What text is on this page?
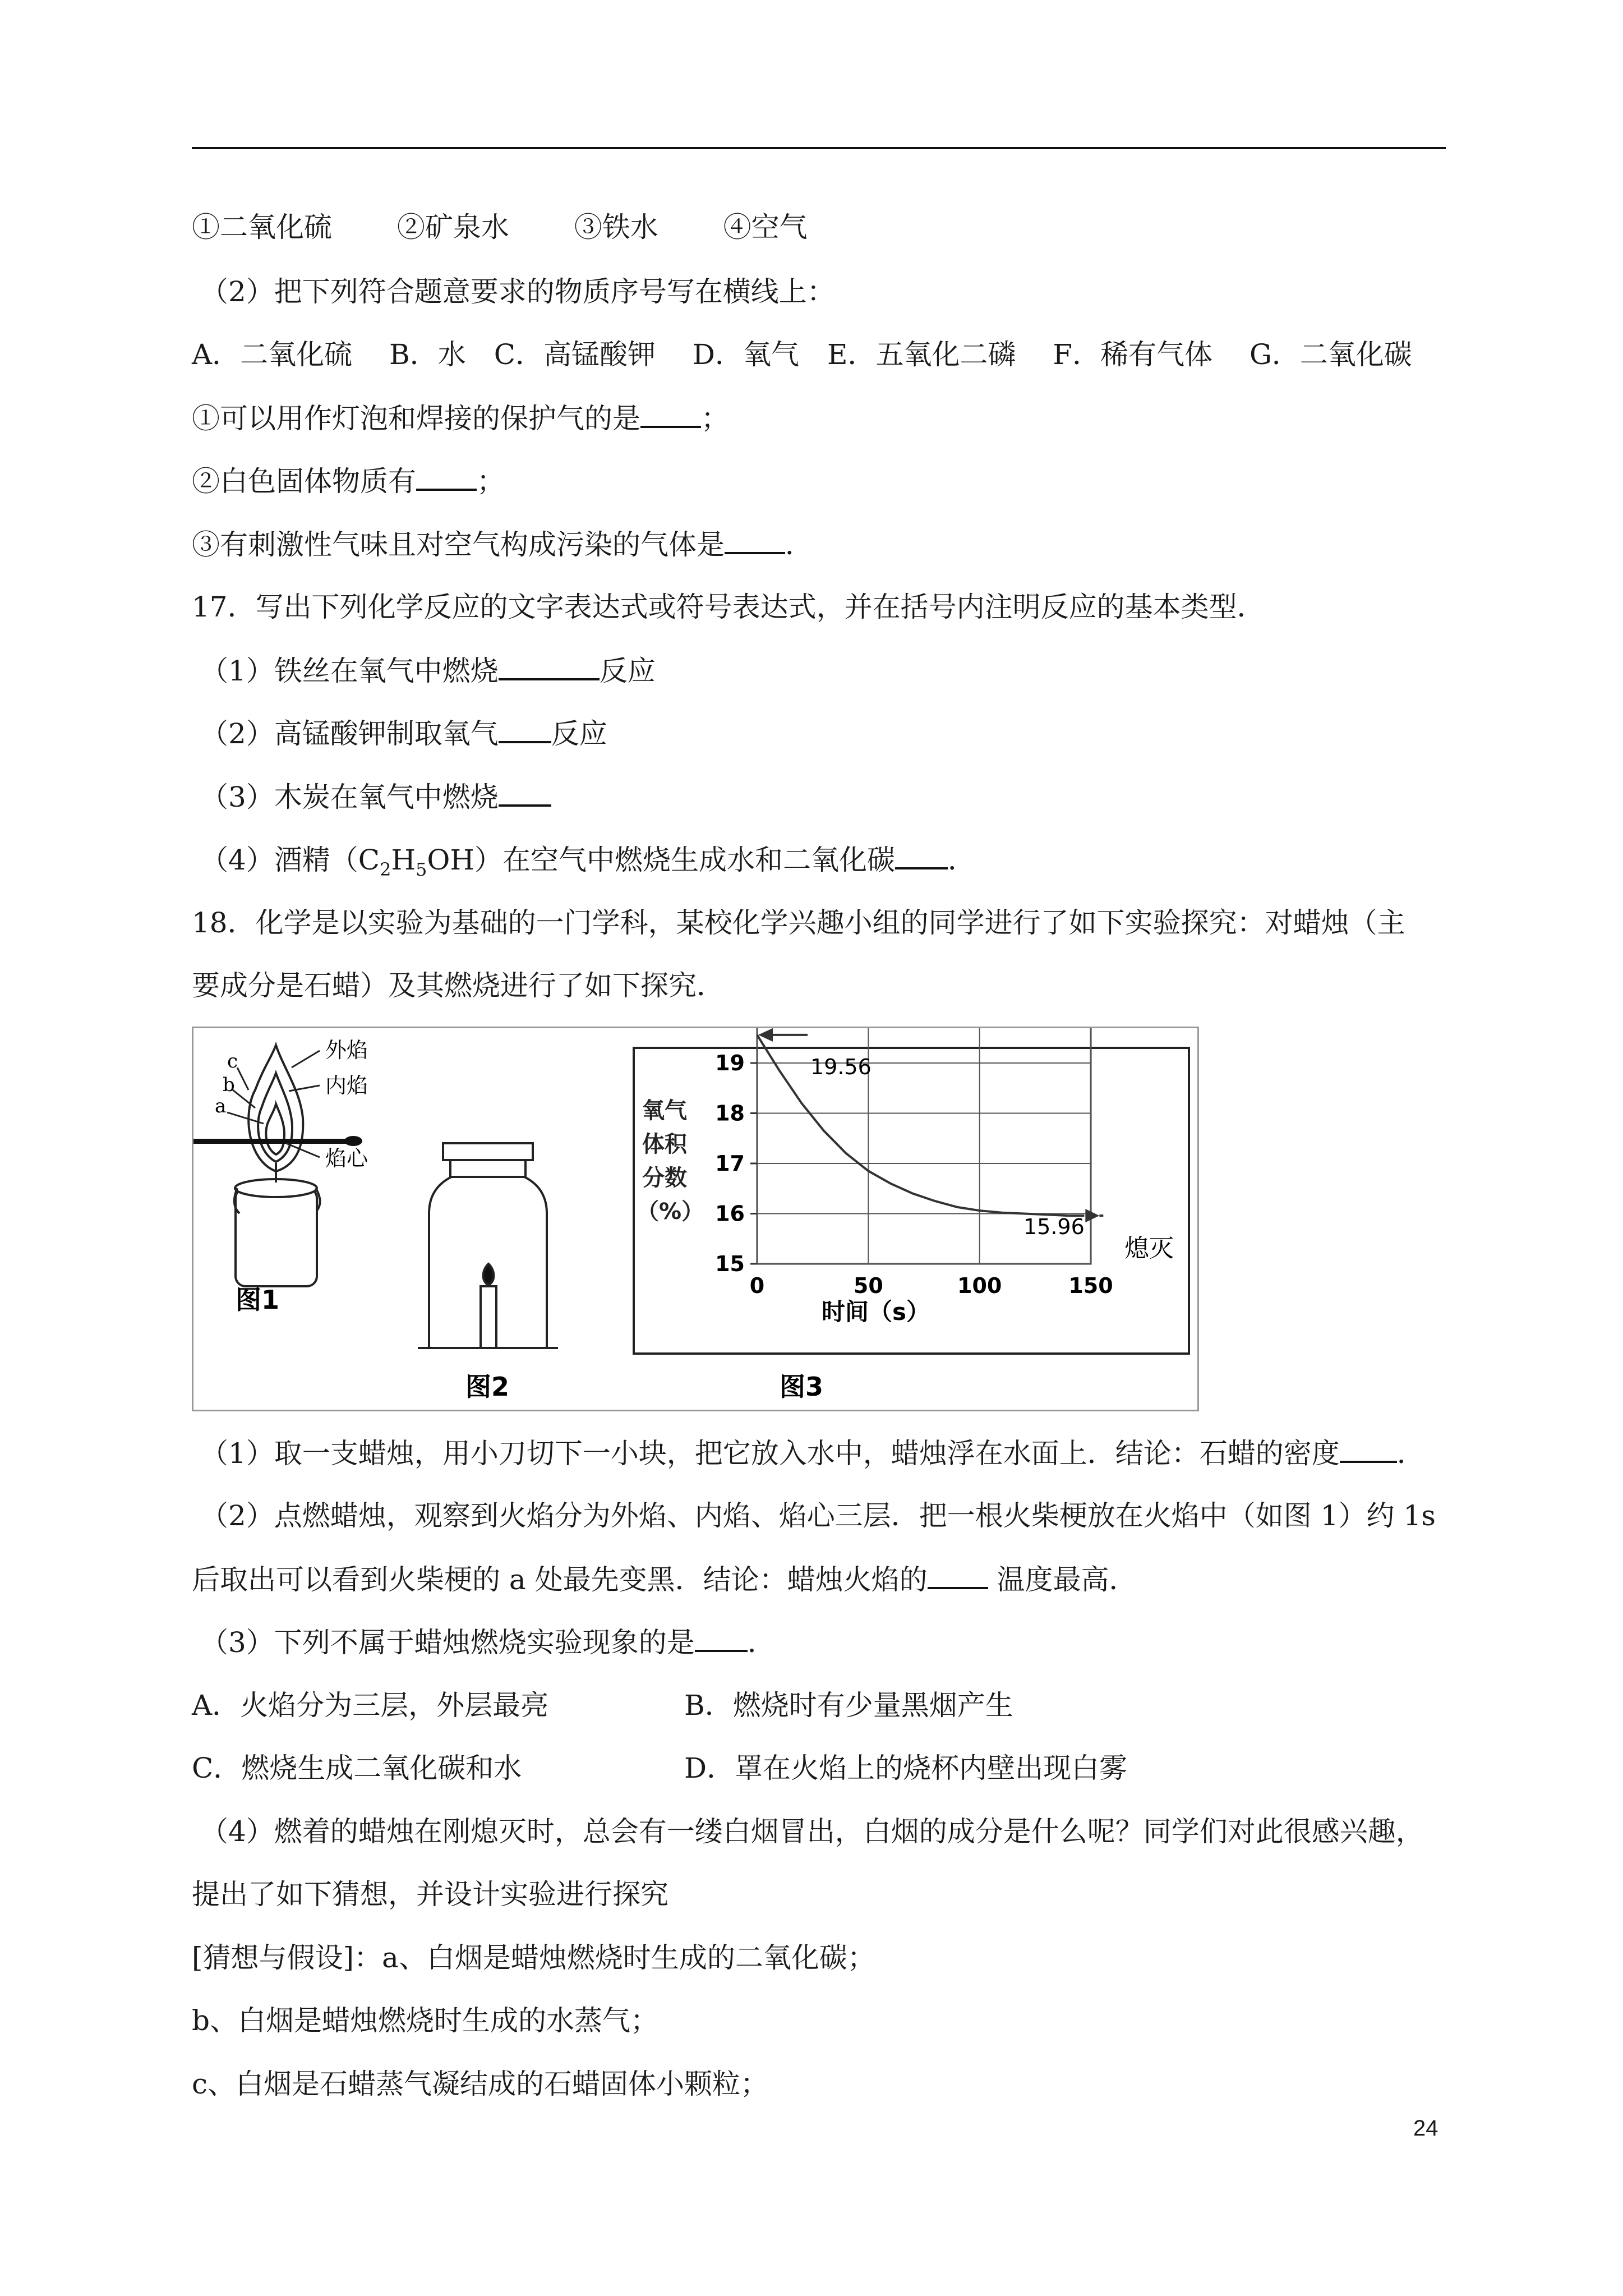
①二氧化硫　　 ②矿泉水　　 ③铁水　　 ④空气
（2）把下列符合题意要求的物质序号写在横线上：
A．二氧化硫　 B．水　C．高锰酸钾　 D．氧气　E．五氧化二磷　 F．稀有气体　 G．二氧化碳
①可以用作灯泡和焊接的保护气的是 ；
②白色固体物质有 ；
③有刺激性气味且对空气构成污染的气体是 ．
17．写出下列化学反应的文字表达式或符号表达式，并在括号内注明反应的基本类型．
（1）铁丝在氧气中燃烧	反应
（2）高锰酸钾制取氧气 反应
（3）木炭在氧气中燃烧
（4）酒精$(C_2H_5OH)$在空气中燃烧生成水和二氧化碳 ．
18．化学是以实验为基础的一门学科，某校化学兴趣小组的同学进行了如下实验探究：对蜡烛（主
要成分是石蜡）及其燃烧进行了如下探究．
外焰
内焰
焰心
c
b
a
图1
图2
氧气
体积
分数
（%）
0	50	100	150
15
16
17
18
19	19.56
15.96
熄灭
时间（s）
图3
（1）取一支蜡烛，用小刀切下一小块，把它放入水中，蜡烛浮在水面上．结论：石蜡的密度 ．
（2）点燃蜡烛，观察到火焰分为外焰、内焰、焰心三层．把一根火柴梗放在火焰中（如图 1）约 1s
后取出可以看到火柴梗的 a 处最先变黑．结论：蜡烛火焰的 温度最高．
（3）下列不属于蜡烛燃烧实验现象的是 ．
A．火焰分为三层，外层最亮	B．燃烧时有少量黑烟产生
C．燃烧生成二氧化碳和水	D．罩在火焰上的烧杯内壁出现白雾
（4）燃着的蜡烛在刚熄灭时，总会有一缕白烟冒出，白烟的成分是什么呢？同学们对此很感兴趣，
提出了如下猜想，并设计实验进行探究
[猜想与假设]：a、白烟是蜡烛燃烧时生成的二氧化碳；
b、白烟是蜡烛燃烧时生成的水蒸气；
c、白烟是石蜡蒸气凝结成的石蜡固体小颗粒；
24
